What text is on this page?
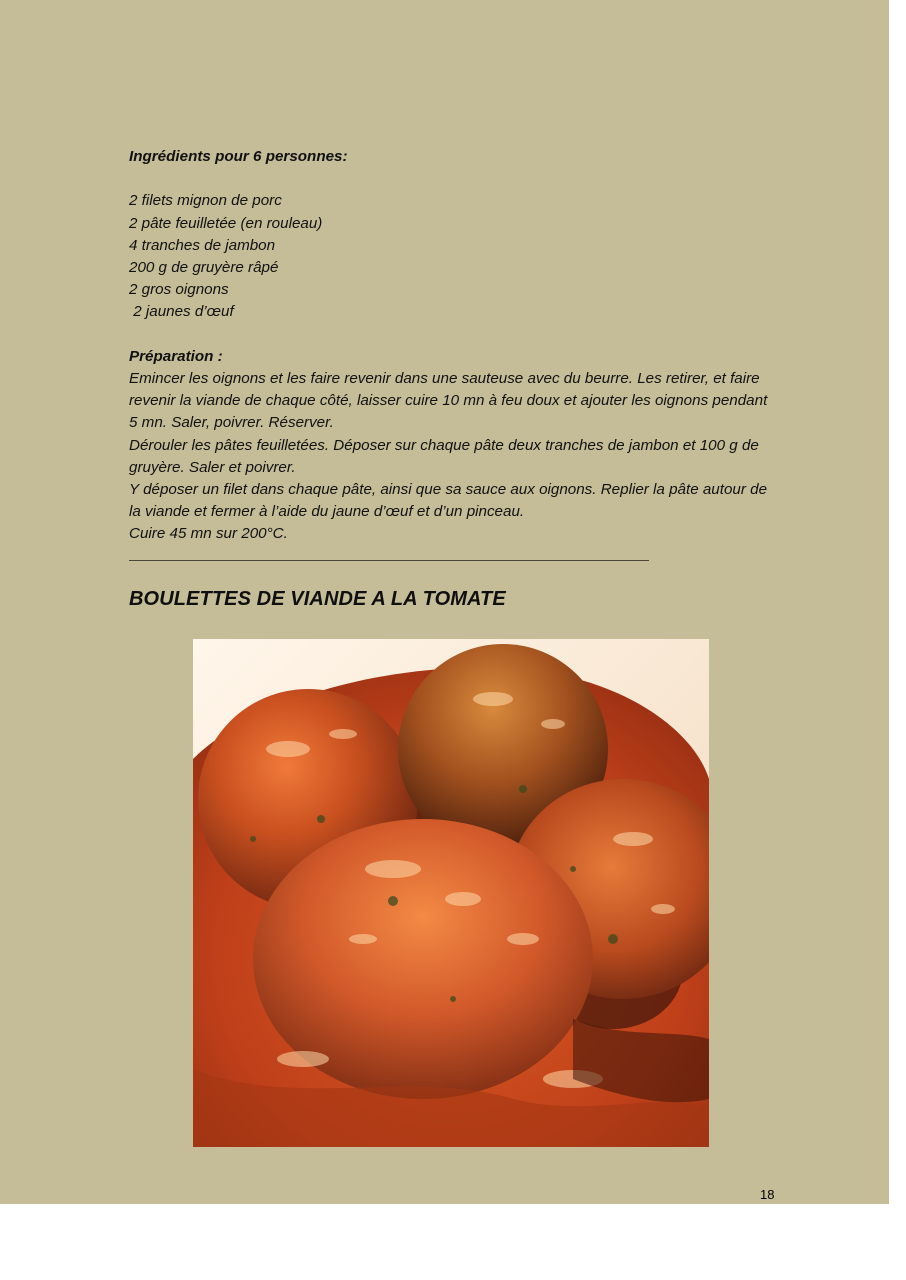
Ingrédients pour 6 personnes:
2 filets mignon de porc
2 pâte feuilletée (en rouleau)
4 tranches de jambon
200 g de gruyère râpé
2 gros oignons
2 jaunes d’œuf
Préparation :
Emincer les oignons et les faire revenir dans une sauteuse avec du beurre. Les retirer, et faire revenir la viande de chaque côté, laisser cuire 10 mn à feu doux et ajouter les oignons pendant 5 mn. Saler, poivrer. Réserver.
Dérouler les pâtes feuilletées. Déposer sur chaque pâte deux tranches de jambon et 100 g de gruyère. Saler et poivrer.
Y déposer un filet dans chaque pâte, ainsi que sa sauce aux oignons. Replier la pâte autour de la viande et fermer à l’aide du jaune d’œuf et d’un pinceau.
Cuire 45 mn sur 200°C.
BOULETTES DE VIANDE A LA TOMATE
18
